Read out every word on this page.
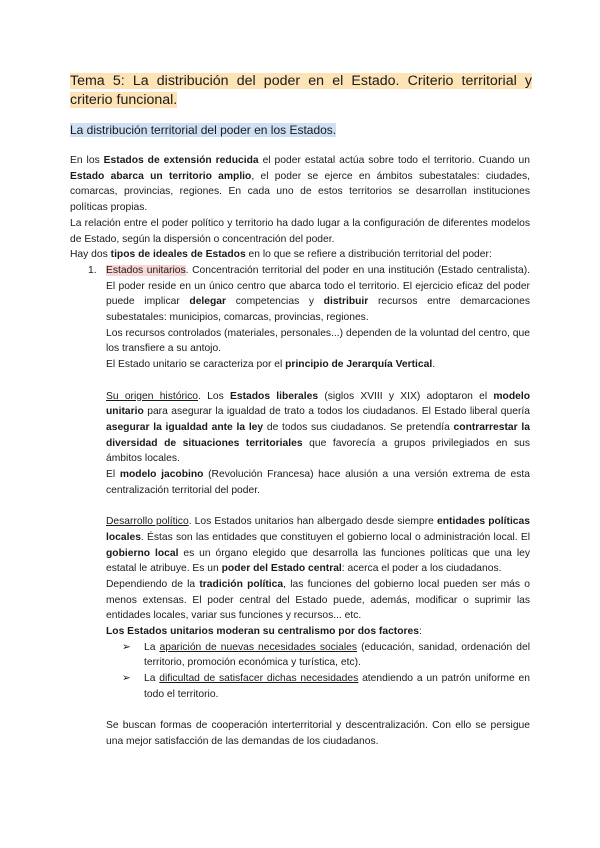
Tema 5: La distribución del poder en el Estado. Criterio territorial y criterio funcional.
La distribución territorial del poder en los Estados.

En los Estados de extensión reducida el poder estatal actúa sobre todo el territorio. Cuando un Estado abarca un territorio amplio, el poder se ejerce en ámbitos subestatales: ciudades, comarcas, provincias, regiones. En cada uno de estos territorios se desarrollan instituciones políticas propias.

La relación entre el poder político y territorio ha dado lugar a la configuración de diferentes modelos de Estado, según la dispersión o concentración del poder.

Hay dos tipos de ideales de Estados en lo que se refiere a distribución territorial del poder:

1. Estados unitarios. Concentración territorial del poder en una institución (Estado centralista). El poder reside en un único centro que abarca todo el territorio. El ejercicio eficaz del poder puede implicar delegar competencias y distribuir recursos entre demarcaciones subestatales: municipios, comarcas, provincias, regiones.

Los recursos controlados (materiales, personales...) dependen de la voluntad del centro, que los transfiere a su antojo.

El Estado unitario se caracteriza por el principio de Jerarquía Vertical.

Su origen histórico. Los Estados liberales (siglos XVIII y XIX) adoptaron el modelo unitario para asegurar la igualdad de trato a todos los ciudadanos. El Estado liberal quería asegurar la igualdad ante la ley de todos sus ciudadanos. Se pretendía contrarrestar la diversidad de situaciones territoriales que favorecía a grupos privilegiados en sus ámbitos locales.

El modelo jacobino (Revolución Francesa) hace alusión a una versión extrema de esta centralización territorial del poder.

Desarrollo político. Los Estados unitarios han albergado desde siempre entidades políticas locales. Éstas son las entidades que constituyen el gobierno local o administración local. El gobierno local es un órgano elegido que desarrolla las funciones políticas que una ley estatal le atribuye. Es un poder del Estado central: acerca el poder a los ciudadanos.

Dependiendo de la tradición política, las funciones del gobierno local pueden ser más o menos extensas. El poder central del Estado puede, además, modificar o suprimir las entidades locales, variar sus funciones y recursos... etc.

Los Estados unitarios moderan su centralismo por dos factores:

➢ La aparición de nuevas necesidades sociales (educación, sanidad, ordenación del territorio, promoción económica y turística, etc).

➢ La dificultad de satisfacer dichas necesidades atendiendo a un patrón uniforme en todo el territorio.

Se buscan formas de cooperación interterritorial y descentralización. Con ello se persigue una mejor satisfacción de las demandas de los ciudadanos.
